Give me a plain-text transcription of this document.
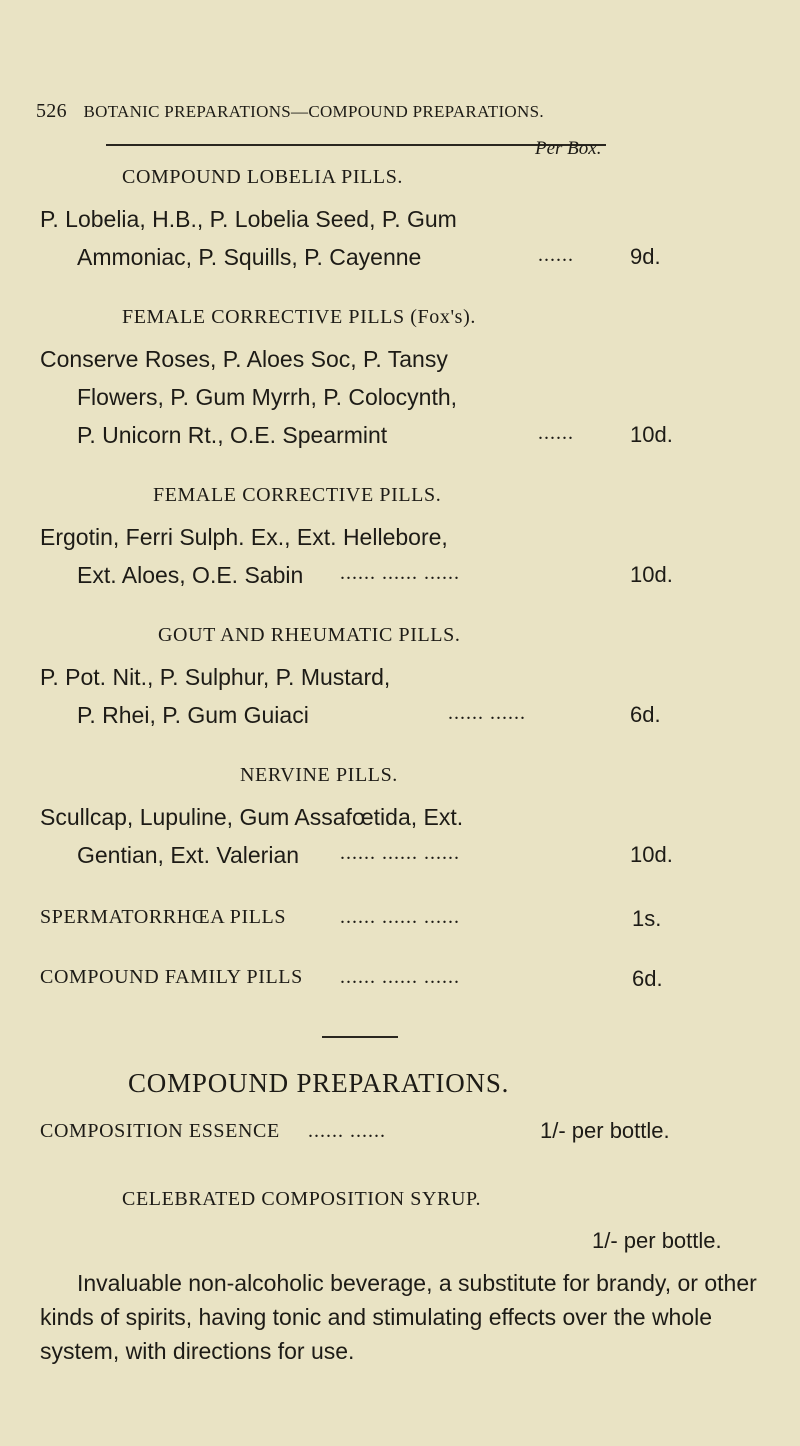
526 BOTANIC PREPARATIONS—COMPOUND PREPARATIONS.
Per Box.
COMPOUND LOBELIA PILLS.
P. Lobelia, H.B., P. Lobelia Seed, P. Gum
Ammoniac, P. Squills, P. Cayenne	......	9d.
FEMALE CORRECTIVE PILLS (Fox's).
Conserve Roses, P. Aloes Soc, P. Tansy
Flowers, P. Gum Myrrh, P. Colocynth,
P. Unicorn Rt., O.E. Spearmint	......	10d.
FEMALE CORRECTIVE PILLS.
Ergotin, Ferri Sulph. Ex., Ext. Hellebore,
Ext. Aloes, O.E. Sabin ...... ...... ......	10d.
GOUT AND RHEUMATIC PILLS.
P. Pot. Nit., P. Sulphur, P. Mustard,
P. Rhei, P. Gum Guiaci	...... ......	6d.
NERVINE PILLS.
Scullcap, Lupuline, Gum Assafœtida, Ext.
Gentian, Ext. Valerian ...... ...... ......	10d.
SPERMATORRHŒA PILLS	...... ...... ......	1s.
COMPOUND FAMILY PILLS ...... ...... ......	6d.
COMPOUND PREPARATIONS.
COMPOSITION ESSENCE ...... ......	1/- per bottle.
CELEBRATED COMPOSITION SYRUP.
1/- per bottle.
Invaluable non-alcoholic beverage, a substitute for brandy, or other kinds of spirits, having tonic and stimulating effects over the whole system, with directions for use.
